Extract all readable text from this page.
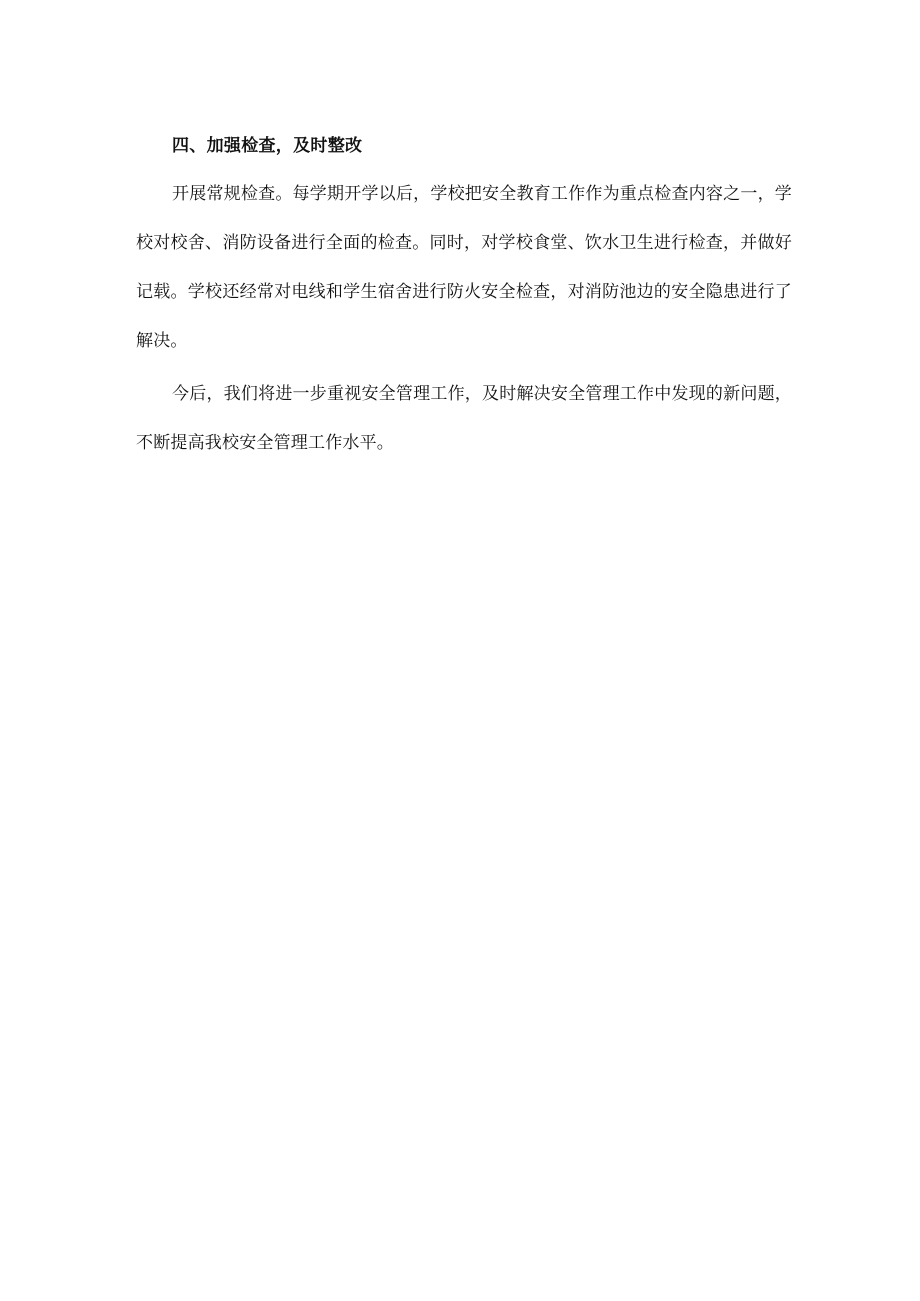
四、加强检查，及时整改

开展常规检查。每学期开学以后，学校把安全教育工作作为重点检查内容之一，学校对校舍、消防设备进行全面的检查。同时，对学校食堂、饮水卫生进行检查，并做好记载。学校还经常对电线和学生宿舍进行防火安全检查，对消防池边的安全隐患进行了解决。

今后，我们将进一步重视安全管理工作，及时解决安全管理工作中发现的新问题，不断提高我校安全管理工作水平。
